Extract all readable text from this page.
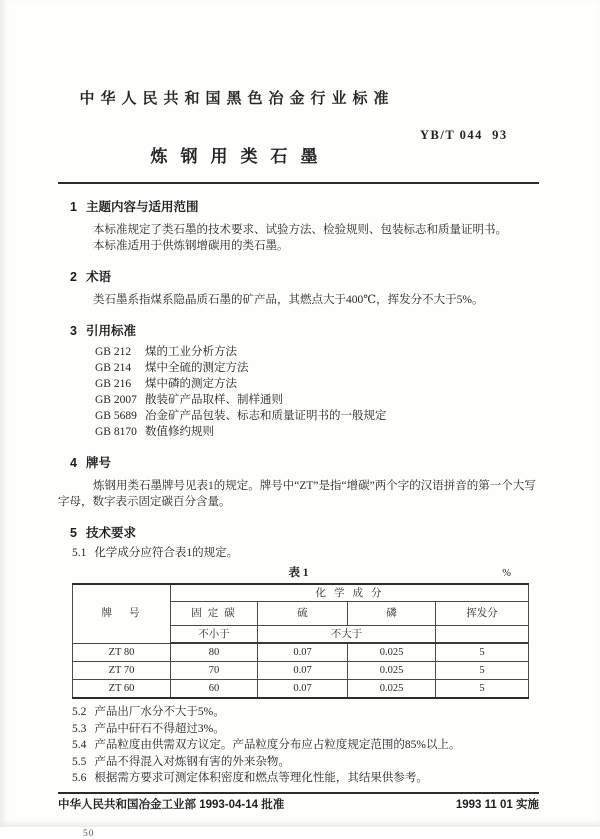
中华人民共和国黑色冶金行业标准
YB/T 044  93
炼钢用类石墨
1 主题内容与适用范围

本标准规定了类石墨的技术要求、试验方法、检验规则、包装标志和质量证明书。

本标准适用于供炼钢增碳用的类石墨。

2 术语

类石墨系指煤系隐晶质石墨的矿产品，其燃点大于400℃，挥发分不大于5%。

3 引用标准
GB 212 煤的工业分析方法
GB 214 煤中全硫的测定方法
GB 216 煤中磷的测定方法
GB 2007 散装矿产品取样、制样通则
GB 5689 冶金矿产品包装、标志和质量证明书的一般规定
GB 8170 数值修约规则
4 牌号

炼钢用类石墨牌号见表1的规定。牌号中“ZT”是指“增碳”两个字的汉语拼音的第一个大写字母，数字表示固定碳百分含量。

5 技术要求
5.1 化学成分应符合表1的规定。
表 1	%
牌号	化学成分			
	固定碳	硫	磷	挥发分
	不小于	不大于		
ZT 80	80	0.07	0.025	5
ZT 70	70	0.07	0.025	5
ZT 60	60	0.07	0.025	5
5.2 产品出厂水分不大于5%。
5.3 产品中矸石不得超过3%。
5.4 产品粒度由供需双方议定。产品粒度分布应占粒度规定范围的85%以上。
5.5 产品不得混入对炼钢有害的外来杂物。
5.6 根据需方要求可测定体积密度和燃点等理化性能，其结果供参考。
中华人民共和国冶金工业部 1993-04-14 批准	1993 11 01 实施
50
